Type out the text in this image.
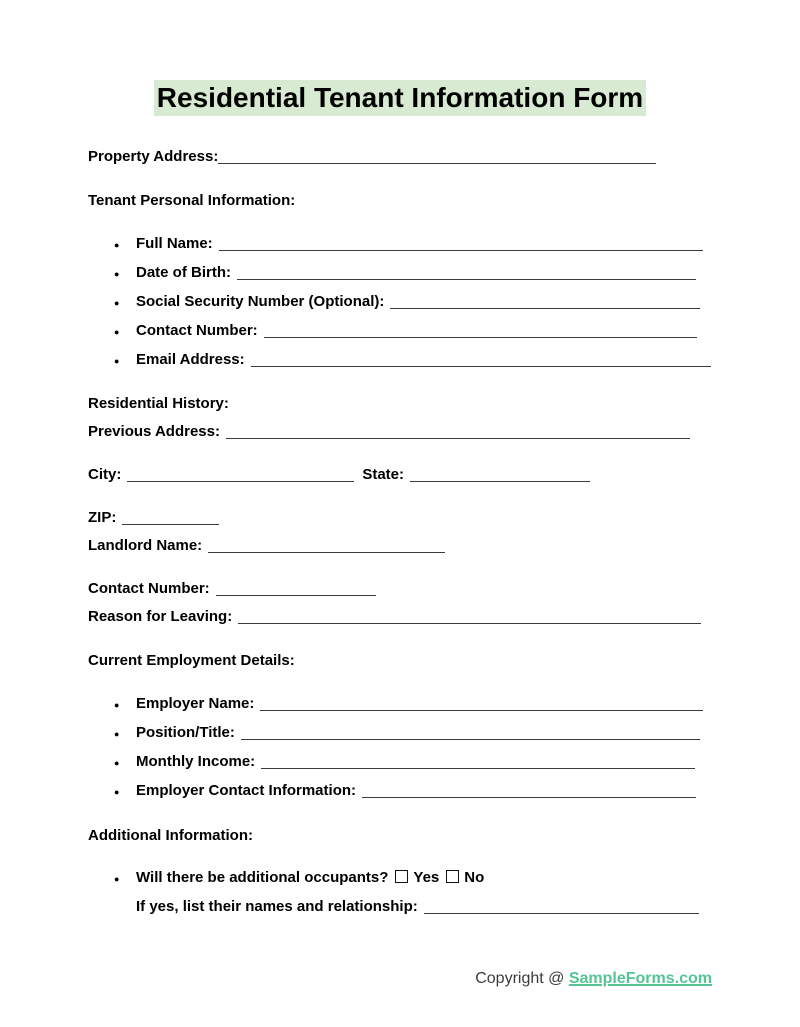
Residential Tenant Information Form
Property Address:
Tenant Personal Information:
●	Full Name:
●	Date of Birth:
●	Social Security Number (Optional):
●	Contact Number:
●	Email Address:
Residential History:
Previous Address:
City:	State:
ZIP:
Landlord Name:
Contact Number:
Reason for Leaving:
Current Employment Details:
●	Employer Name:
●	Position/Title:
●	Monthly Income:
●	Employer Contact Information:
Additional Information:
●	Will there be additional occupants? Yes No
If yes, list their names and relationship:
Copyright @ SampleForms.com
